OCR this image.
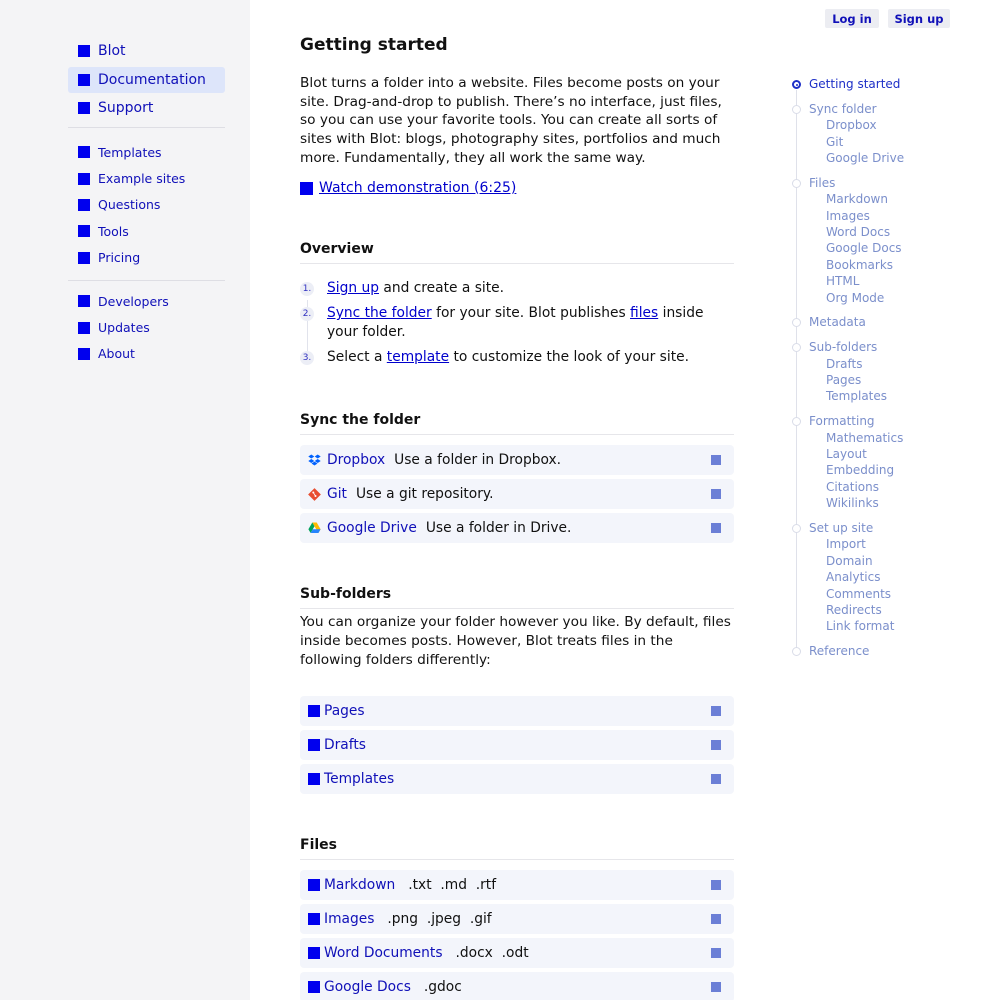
Blot
Documentation
Support
Templates
Example sites
Questions
Tools
Pricing
Developers
Updates
About
Log in	Sign up
Getting started

Blot turns a folder into a website. Files become posts on your site. Drag-and-drop to publish. There’s no interface, just files, so you can use your favorite tools. You can create all sorts of sites with Blot: blogs, photography sites, portfolios and much more. Fundamentally, they all work the same way.

Watch demonstration (6:25)
Overview
1. Sign up and create a site.
2. Sync the folder for your site. Blot publishes files inside your folder.
3. Select a template to customize the look of your site.
Sync the folder
Dropbox Use a folder in Dropbox.
Git Use a git repository.
Google Drive Use a folder in Drive.
Sub-folders

You can organize your folder however you like. By default, files inside becomes posts. However, Blot treats files in the following folders differently:

Pages
Drafts
Templates
Files
Markdown .txt  .md  .rtf
Images .png  .jpeg  .gif
Word Documents .docx  .odt
Google Docs .gdoc
Getting started
Sync folder
Dropbox
Git
Google Drive
Files
Markdown
Images
Word Docs
Google Docs
Bookmarks
HTML
Org Mode
Metadata
Sub-folders
Drafts
Pages
Templates
Formatting
Mathematics
Layout
Embedding
Citations
Wikilinks
Set up site
Import
Domain
Analytics
Comments
Redirects
Link format
Reference
